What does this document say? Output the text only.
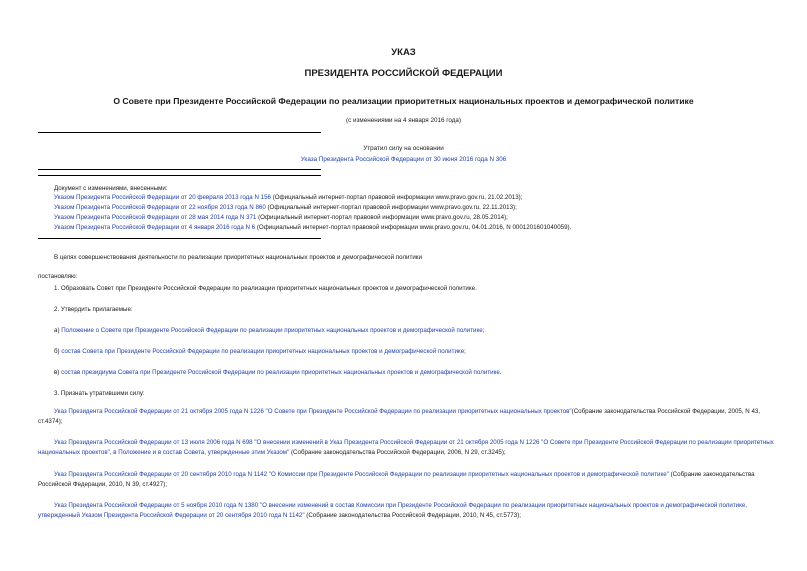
УКАЗ
ПРЕЗИДЕНТА РОССИЙСКОЙ ФЕДЕРАЦИИ
О Совете при Президенте Российской Федерации по реализации приоритетных национальных проектов и демографической политике
(с изменениями на 4 января 2016 года)
Утратил силу на основании
Указа Президента Российской Федерации от 30 июня 2016 года N 306
Документ с изменениями, внесенными:
Указом Президента Российской Федерации от 20 февраля 2013 года N 156 (Официальный интернет-портал правовой информации www.pravo.gov.ru, 21.02.2013);
Указом Президента Российской Федерации от 22 ноября 2013 года N 860 (Официальный интернет-портал правовой информации www.pravo.gov.ru, 22.11.2013);
Указом Президента Российской Федерации от 28 мая 2014 года N 371 (Официальный интернет-портал правовой информации www.pravo.gov.ru, 28.05.2014);
Указом Президента Российской Федерации от 4 января 2016 года N 6 (Официальный интернет-портал правовой информации www.pravo.gov.ru, 04.01.2016, N 0001201601040059).
В целях совершенствования деятельности по реализации приоритетных национальных проектов и демографической политики
постановляю:
1. Образовать Совет при Президенте Российской Федерации по реализации приоритетных национальных проектов и демографической политике.
2. Утвердить прилагаемые:
а) Положение о Совете при Президенте Российской Федерации по реализации приоритетных национальных проектов и демографической политике;
б) состав Совета при Президенте Российской Федерации по реализации приоритетных национальных проектов и демографической политике;
в) состав президиума Совета при Президенте Российской Федерации по реализации приоритетных национальных проектов и демографической политике.
3. Признать утратившими силу:
Указ Президента Российской Федерации от 21 октября 2005 года N 1226 "О Совете при Президенте Российской Федерации по реализации приоритетных национальных проектов"(Собрание законодательства Российской Федерации, 2005, N 43, ст.4374);
Указ Президента Российской Федерации от 13 июля 2006 года N 698 "О внесении изменений в Указ Президента Российской Федерации от 21 октября 2005 года N 1226 "О Совете при Президенте Российской Федерации по реализации приоритетных национальных проектов", в Положение и в состав Совета, утвержденные этим Указом" (Собрание законодательства Российской Федерации, 2006, N 29, ст.3245);
Указ Президента Российской Федерации от 20 сентября 2010 года N 1142 "О Комиссии при Президенте Российской Федерации по реализации приоритетных национальных проектов и демографической политике" (Собрание законодательства Российской Федерации, 2010, N 39, ст.4927);
Указ Президента Российской Федерации от 5 ноября 2010 года N 1380 "О внесении изменений в состав Комиссии при Президенте Российской Федерации по реализации приоритетных национальных проектов и демографической политике, утвержденный Указом Президента Российской Федерации от 20 сентября 2010 года N 1142" (Собрание законодательства Российской Федерации, 2010, N 45, ст.5773);
